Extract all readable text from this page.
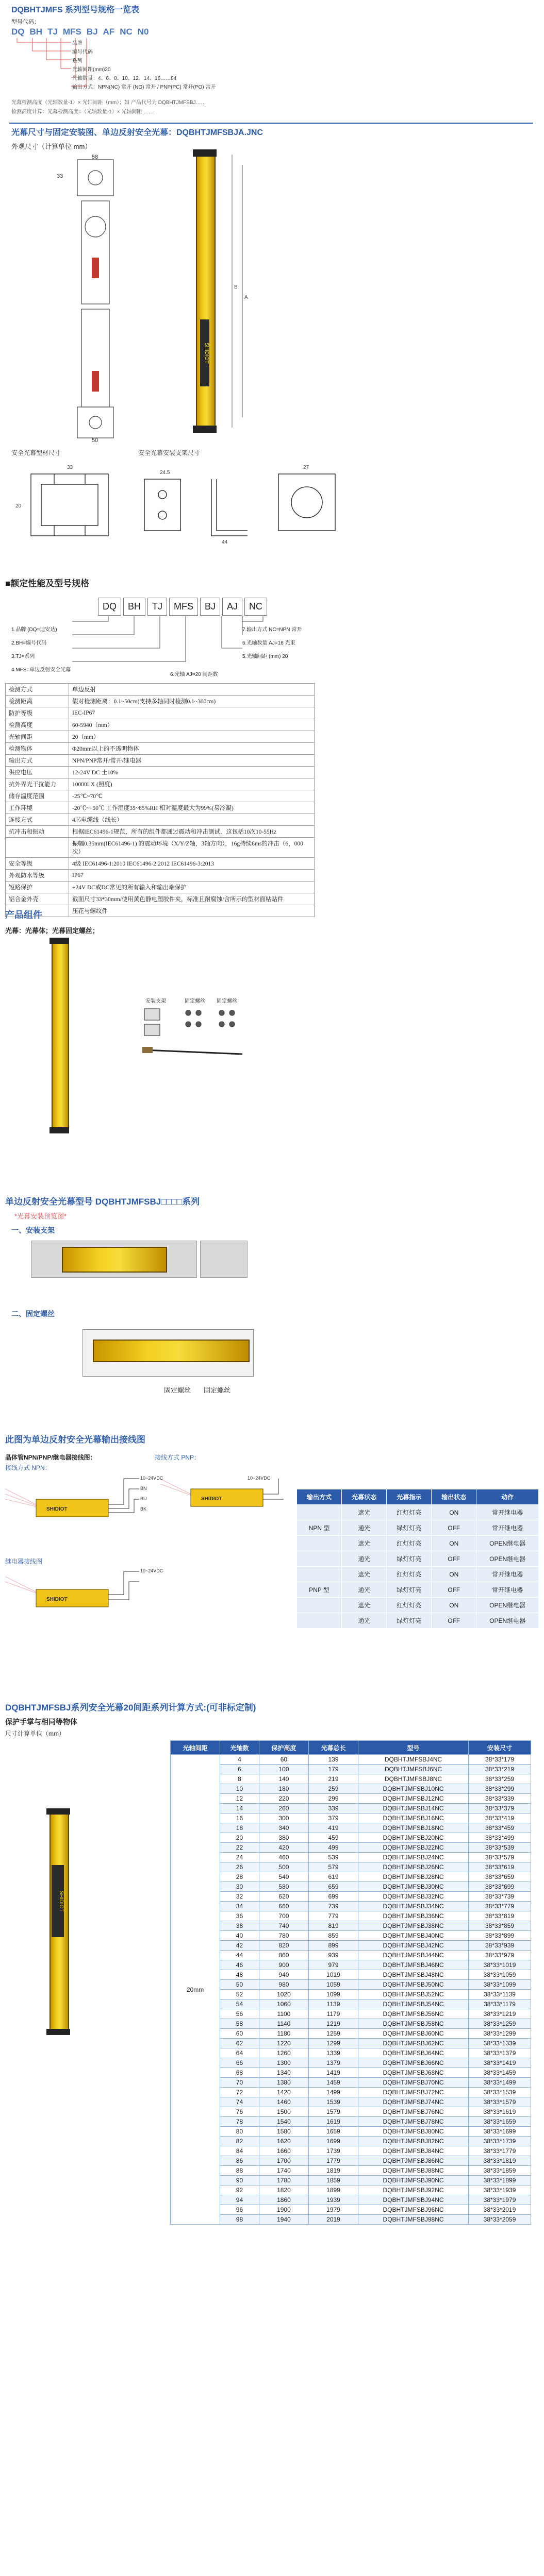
DQBHTJMFS 系列型号规格一览表
型号代码：
DQ BH TJ MFS BJ AF NC N0
品牌
编号代码
系列
光轴间距(mm)20
光轴数量：4、6、8、10、12、14、16……84
输出方式：NPN(NC) 常开 (NO) 常开 / PNP(PC) 常开(PO) 常开
光幕检测高度（光轴数量-1）× 光轴间距（mm）；如 产品代号为 DQBHTJMFSBJ……
检测高度计算：光幕检测高度=（光轴数量-1）× 光轴间距 ……
光幕尺寸与固定安装图、单边反射安全光幕：DQBHTJMFSBJA.JNC
外观尺寸（计算单位 mm）
58
33
50
SHIDIOT
B
A
安全光幕型材尺寸	安全光幕安装支架尺寸
33
20
24.5
44
27
■额定性能及型号规格
DQ BH TJ MFS BJ AJ NC
1.品牌 (DQ=迪安达)
2.BH=编号代码
3.TJ=系列
4.MFS=单边反射安全光幕
7.输出方式 NC=NPN 常开
6.光轴数量 AJ=16 光束
5.光轴间距 (mm) 20
6.光轴 AJ=20 间距数
检测方式	单边反射
检测距离	假对检测距离：0.1~50cm(支持多轴同时检测0.1~300cm)
防护等级	IEC-IP67
检测高度	60-5940（mm）
光轴间距	20（mm）
检测物体	Φ20mm以上的不透明物体
输出方式	NPN/PNP常开/常开/继电器
供应电压	12-24V DC 士10%
抗外界光干扰能力	10000LX (照度)
储存温度范围	-25℃~70℃
工作环境	-20℃~+50℃ 工作湿度35~85%RH 相对湿度最大为99%(易冷凝)
连接方式	4芯电缆线（线长）
抗冲击和振动	根据IEC61496-1规范，所有的组件都通过震动和冲击测试，这包括10次10-55Hz
	振幅0.35mm(IEC61496-1) 的震动环境（X/Y/Z轴，3轴方向），16g持续6ms的冲击（6，000次）
安全等级	4级 IEC61496-1:2010 IEC61496-2:2012 IEC61496-3:2013
外观防水等级	IP67
短路保护	+24V DC或DC常见的所有输入和输出端保护
铝合金外壳	截面尺寸33*30mm/使用黄色静电塑胶件夹，标准且耐腐蚀/含所示的型材面粘贴件
	压花与螺纹件
产品组件
光幕：光幕体；光幕固定螺丝；
安装支架	固定螺丝 固定螺丝
单边反射安全光幕型号 DQBHTJMFSBJ□□□□系列
*光幕安装预览图*
一、安装支架
二、固定螺丝
固定螺丝 固定螺丝
此图为单边反射安全光幕输出接线图
晶体管NPN/PNP/继电器接线图：
接线方式 NPN：
接线方式 PNP：
继电器接线图
10~24VDC	10~24VDC
10~24VDC
BN
BU
BK
SHIDIOT
SHIDIOT
SHIDIOT
输出方式	光幕状态	光幕指示	输出状态	动作
	遮光	红灯灯亮	ON	常开继电器
NPN 型	通光	绿灯灯亮	OFF	常开继电器
	遮光	红灯灯亮	ON	OPEN继电器
	通光	绿灯灯亮	OFF	OPEN继电器
	遮光	红灯灯亮	ON	常开继电器
PNP 型	通光	绿灯灯亮	OFF	常开继电器
	遮光	红灯灯亮	ON	OPEN继电器
	通光	绿灯灯亮	OFF	OPEN继电器
DQBHTJMFSBJ系列安全光幕20间距系列计算方式:(可非标定制)
保护手掌与相同等物体
尺寸计算单位（mm）
SHIDIOT
光轴间距	光轴数	保护高度	光幕总长	型号	安装尺寸
20mm	4	60	139	DQBHTJMFSBJ4NC	38*33*179
	6	100	179	DQBHTJMFSBJ6NC	38*33*219
	8	140	219	DQBHTJMFSBJ8NC	38*33*259
	10	180	259	DQBHTJMFSBJ10NC	38*33*299
	12	220	299	DQBHTJMFSBJ12NC	38*33*339
	14	260	339	DQBHTJMFSBJ14NC	38*33*379
	16	300	379	DQBHTJMFSBJ16NC	38*33*419
	18	340	419	DQBHTJMFSBJ18NC	38*33*459
	20	380	459	DQBHTJMFSBJ20NC	38*33*499
	22	420	499	DQBHTJMFSBJ22NC	38*33*539
	24	460	539	DQBHTJMFSBJ24NC	38*33*579
	26	500	579	DQBHTJMFSBJ26NC	38*33*619
	28	540	619	DQBHTJMFSBJ28NC	38*33*659
	30	580	659	DQBHTJMFSBJ30NC	38*33*699
	32	620	699	DQBHTJMFSBJ32NC	38*33*739
	34	660	739	DQBHTJMFSBJ34NC	38*33*779
	36	700	779	DQBHTJMFSBJ36NC	38*33*819
	38	740	819	DQBHTJMFSBJ38NC	38*33*859
	40	780	859	DQBHTJMFSBJ40NC	38*33*899
	42	820	899	DQBHTJMFSBJ42NC	38*33*939
	44	860	939	DQBHTJMFSBJ44NC	38*33*979
	46	900	979	DQBHTJMFSBJ46NC	38*33*1019
	48	940	1019	DQBHTJMFSBJ48NC	38*33*1059
	50	980	1059	DQBHTJMFSBJ50NC	38*33*1099
	52	1020	1099	DQBHTJMFSBJ52NC	38*33*1139
	54	1060	1139	DQBHTJMFSBJ54NC	38*33*1179
	56	1100	1179	DQBHTJMFSBJ56NC	38*33*1219
	58	1140	1219	DQBHTJMFSBJ58NC	38*33*1259
	60	1180	1259	DQBHTJMFSBJ60NC	38*33*1299
	62	1220	1299	DQBHTJMFSBJ62NC	38*33*1339
	64	1260	1339	DQBHTJMFSBJ64NC	38*33*1379
	66	1300	1379	DQBHTJMFSBJ66NC	38*33*1419
	68	1340	1419	DQBHTJMFSBJ68NC	38*33*1459
	70	1380	1459	DQBHTJMFSBJ70NC	38*33*1499
	72	1420	1499	DQBHTJMFSBJ72NC	38*33*1539
	74	1460	1539	DQBHTJMFSBJ74NC	38*33*1579
	76	1500	1579	DQBHTJMFSBJ76NC	38*33*1619
	78	1540	1619	DQBHTJMFSBJ78NC	38*33*1659
	80	1580	1659	DQBHTJMFSBJ80NC	38*33*1699
	82	1620	1699	DQBHTJMFSBJ82NC	38*33*1739
	84	1660	1739	DQBHTJMFSBJ84NC	38*33*1779
	86	1700	1779	DQBHTJMFSBJ86NC	38*33*1819
	88	1740	1819	DQBHTJMFSBJ88NC	38*33*1859
	90	1780	1859	DQBHTJMFSBJ90NC	38*33*1899
	92	1820	1899	DQBHTJMFSBJ92NC	38*33*1939
	94	1860	1939	DQBHTJMFSBJ94NC	38*33*1979
	96	1900	1979	DQBHTJMFSBJ96NC	38*33*2019
	98	1940	2019	DQBHTJMFSBJ98NC	38*33*2059
